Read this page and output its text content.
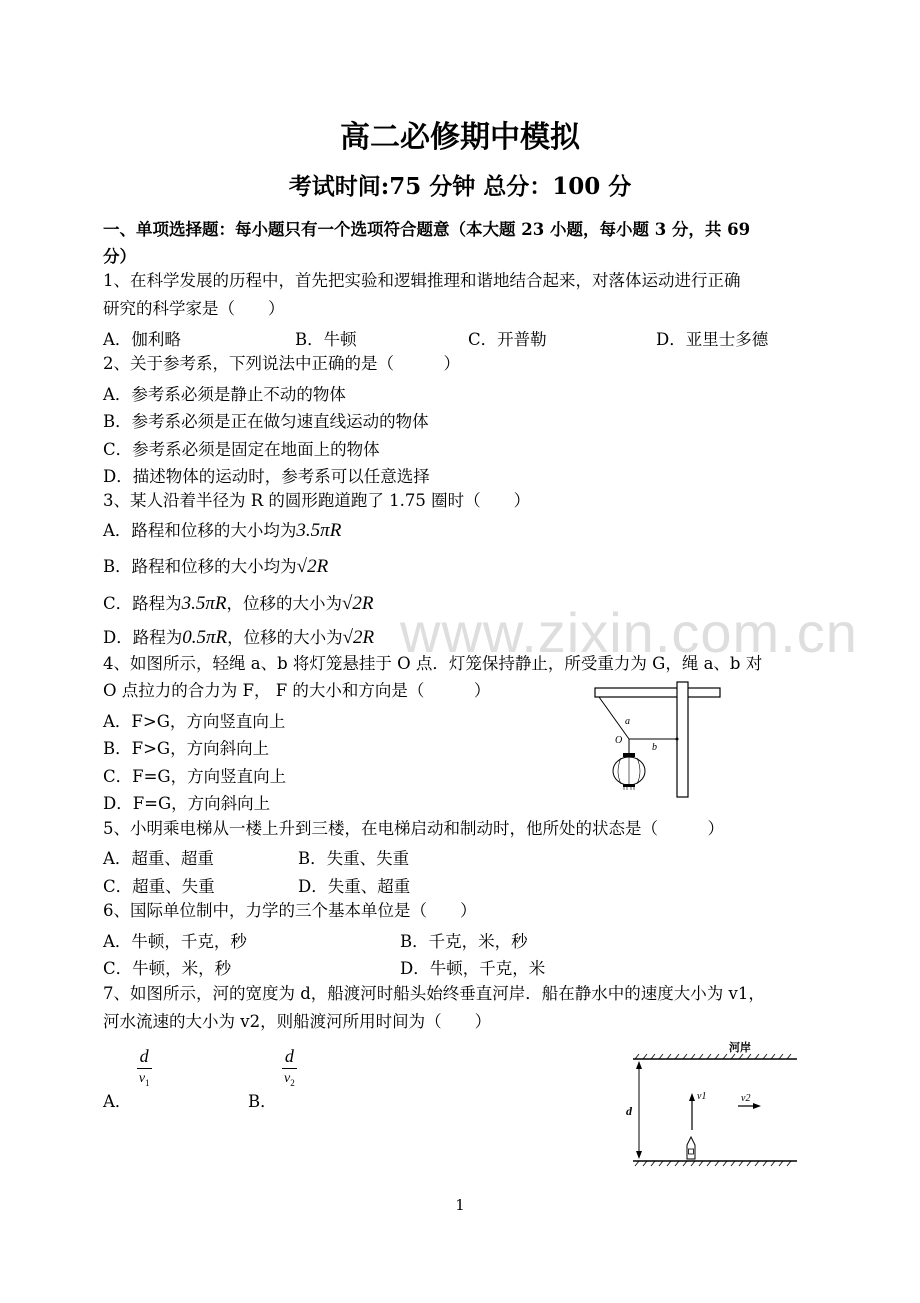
高二必修期中模拟
考试时间:75 分钟 总分：100 分
一、单项选择题：每小题只有一个选项符合题意（本大题 23 小题，每小题 3 分，共 69
分）
1、在科学发展的历程中，首先把实验和逻辑推理和谐地结合起来，对落体运动进行正确
研究的科学家是（　　）
A．伽利略	B．牛顿	C．开普勒	D．亚里士多德
2、关于参考系，下列说法中正确的是（　　　）
A．参考系必须是静止不动的物体
B．参考系必须是正在做匀速直线运动的物体
C．参考系必须是固定在地面上的物体
D．描述物体的运动时，参考系可以任意选择
3、某人沿着半径为 R 的圆形跑道跑了 1.75 圈时（　　）
A．路程和位移的大小均为3.5πR
B．路程和位移的大小均为√2R
C．路程为3.5πR，位移的大小为√2R
D．路程为0.5πR，位移的大小为√2R www.zixin.com.cn
4、如图所示，轻绳 a、b 将灯笼悬挂于 O 点．灯笼保持静止，所受重力为 G，绳 a、b 对
O 点拉力的合力为 F， F 的大小和方向是（　　　）
A．F>G，方向竖直向上
B．F>G，方向斜向上
C．F=G，方向竖直向上
D．F=G，方向斜向上
a
b
O
5、小明乘电梯从一楼上升到三楼，在电梯启动和制动时，他所处的状态是（　　　）
A．超重、超重	B．失重、失重
C．超重、失重	D．失重、超重
6、国际单位制中，力学的三个基本单位是（　　）
A．牛顿，千克，秒	B．千克，米，秒
C．牛顿，米，秒	D．牛顿，千克，米
7、如图所示，河的宽度为 d，船渡河时船头始终垂直河岸．船在静水中的速度大小为 v1，
河水流速的大小为 v2，则船渡河所用时间为（　　）
A．
$\frac{d}{v_1}$
B．
$\frac{d}{v_2}$	河岸
d
v1	v2
1
